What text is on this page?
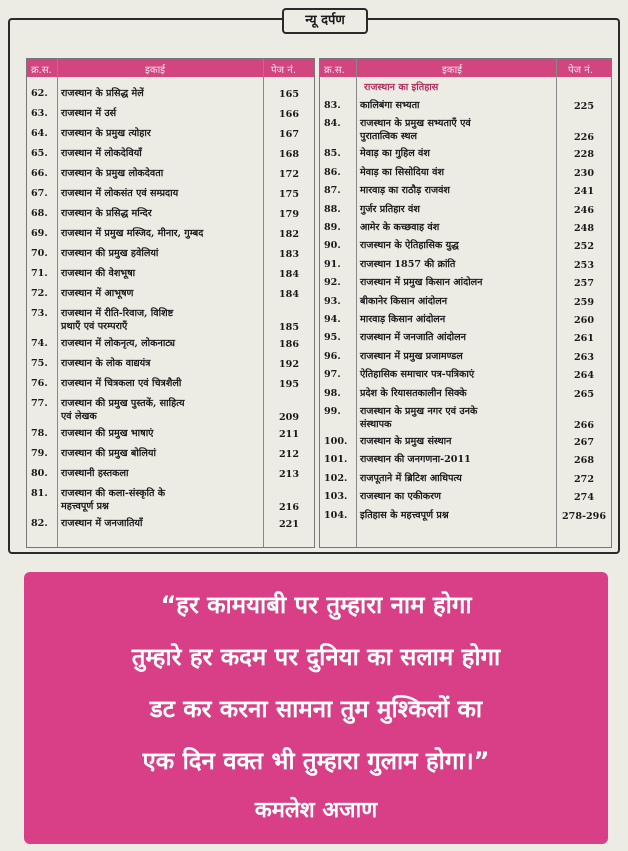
न्यू दर्पण
क्र.स.	इकाई	पेज नं.
62. राजस्थान के प्रसिद्ध मेलें	165
63. राजस्थान में उर्स	166
64. राजस्थान के प्रमुख त्योहार	167
65. राजस्थान में लोकदेवियाँ	168
66. राजस्थान के प्रमुख लोकदेवता	172
67. राजस्थान में लोकसंत एवं सम्प्रदाय	175
68. राजस्थान के प्रसिद्ध मन्दिर	179
69. राजस्थान में प्रमुख मस्जिद, मीनार, गुम्बद	182
70. राजस्थान की प्रमुख हवेलियां	183
71. राजस्थान की वेशभूषा	184
72. राजस्थान में आभूषण	184
73. राजस्थान में रीति-रिवाज, विशिष्ट
प्रथाएँ एवं परम्पराएँ	185
74. राजस्थान में लोकनृत्य, लोकनाट्य	186
75. राजस्थान के लोक वाद्ययंत्र	192
76. राजस्थान में चित्रकला एवं चित्रशैली	195
77. राजस्थान की प्रमुख पुस्तकें, साहित्य
एवं लेखक	209
78. राजस्थान की प्रमुख भाषाएं	211
79. राजस्थान की प्रमुख बोलियां	212
80. राजस्थानी हस्तकला	213
81. राजस्थान की कला-संस्कृति के
महत्त्वपूर्ण प्रश्न	216
82. राजस्थान में जनजातियाँ	221
क्र.स.	इकाई	पेज नं.
राजस्थान का इतिहास
83. कालिबंगा सभ्यता	225
84. राजस्थान के प्रमुख सभ्यताएँ एवं
पुरातात्विक स्थल	226
85. मेवाड़ का गुहिल वंश	228
86. मेवाड़ का सिसोदिया वंश	230
87. मारवाड़ का राठौड़ राजवंश	241
88. गुर्जर प्रतिहार वंश	246
89. आमेर के कच्छवाह वंश	248
90. राजस्थान के ऐतिहासिक युद्ध	252
91. राजस्थान 1857 की क्रांति	253
92. राजस्थान में प्रमुख किसान आंदोलन	257
93. बीकानेर किसान आंदोलन	259
94. मारवाड़ किसान आंदोलन	260
95. राजस्थान में जनजाति आंदोलन	261
96. राजस्थान में प्रमुख प्रजामण्डल	263
97. ऐतिहासिक समाचार पत्र-पत्रिकाएं	264
98. प्रदेश के रियासतकालीन सिक्के	265
99. राजस्थान के प्रमुख नगर एवं उनके
संस्थापक	266
100. राजस्थान के प्रमुख संस्थान	267
101. राजस्थान की जनगणना-2011	268
102. राजपूताने में ब्रिटिश आधिपत्य	272
103. राजस्थान का एकीकरण	274
104. इतिहास के महत्त्वपूर्ण प्रश्न	278-296
“हर कामयाबी पर तुम्हारा नाम होगा
तुम्हारे हर कदम पर दुनिया का सलाम होगा
डट कर करना सामना तुम मुश्किलों का
एक दिन वक्त भी तुम्हारा गुलाम होगा।”
कमलेश अजाण
